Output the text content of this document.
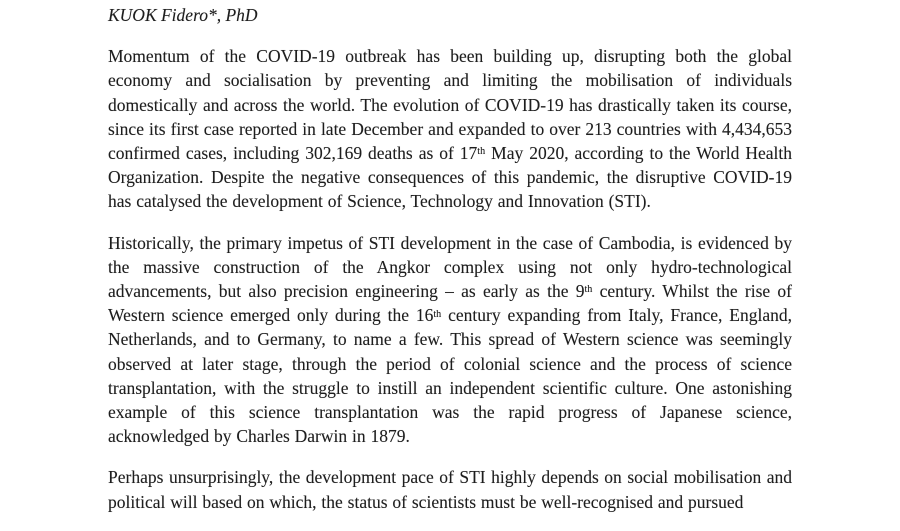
KUOK Fidero*, PhD

Momentum of the COVID-19 outbreak has been building up, disrupting both the global economy and socialisation by preventing and limiting the mobilisation of individuals domestically and across the world. The evolution of COVID-19 has drastically taken its course, since its first case reported in late December and expanded to over 213 countries with 4,434,653 confirmed cases, including 302,169 deaths as of 17th May 2020, according to the World Health Organization. Despite the negative consequences of this pandemic, the disruptive COVID-19 has catalysed the development of Science, Technology and Innovation (STI).

Historically, the primary impetus of STI development in the case of Cambodia, is evidenced by the massive construction of the Angkor complex using not only hydro-technological advancements, but also precision engineering – as early as the 9th century. Whilst the rise of Western science emerged only during the 16th century expanding from Italy, France, England, Netherlands, and to Germany, to name a few. This spread of Western science was seemingly observed at later stage, through the period of colonial science and the process of science transplantation, with the struggle to instill an independent scientific culture. One astonishing example of this science transplantation was the rapid progress of Japanese science, acknowledged by Charles Darwin in 1879.

Perhaps unsurprisingly, the development pace of STI highly depends on social mobilisation and political will based on which, the status of scientists must be well-recognised and pursued
